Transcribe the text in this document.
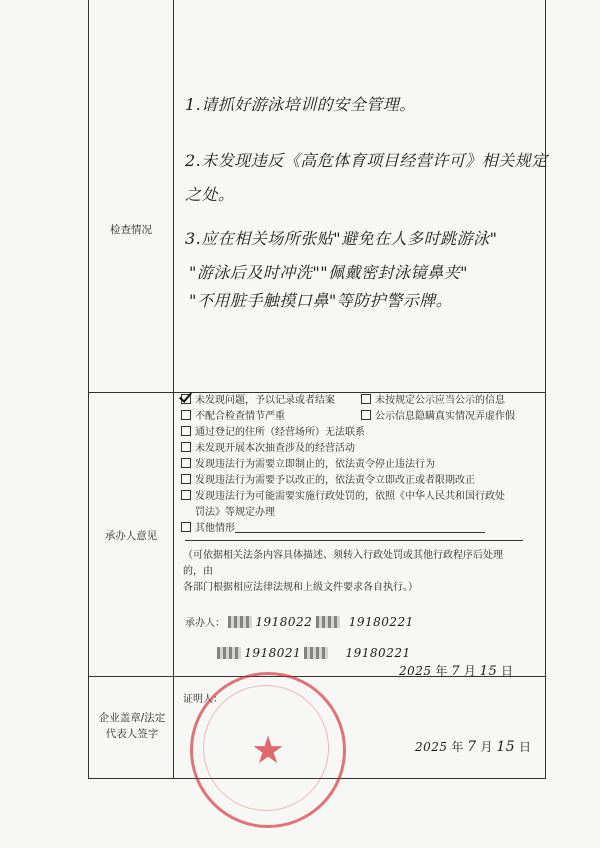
检查情况
1.请抓好游泳培训的安全管理。
2.未发现违反《高危体育项目经营许可》相关规定
之处。
3.应在相关场所张贴"避免在人多时跳游泳"
"游泳后及时冲洗""佩戴密封泳镜鼻夹"
"不用脏手触摸口鼻"等防护警示牌。
承办人意见
未发现问题，予以记录或者结案	未按规定公示应当公示的信息
不配合检查情节严重	公示信息隐瞒真实情况弄虚作假
通过登记的住所（经营场所）无法联系
未发现开展本次抽查涉及的经营活动
发现违法行为需要立即制止的，依法责令停止违法行为
发现违法行为需要予以改正的，依法责令立即改正或者限期改正
发现违法行为可能需要实施行政处罚的，依照《中华人民共和国行政处
罚法》等规定办理
其他情形
（可依据相关法条内容具体描述、须转入行政处罚或其他行政程序后处理
的，由
各部门根据相应法律法规和上级文件要求各自执行。）
承办人：	1918022	19180221
1918021	19180221
2025 年 7 月 15 日
企业盖章/法定代表人签字
证明人：
2025 年 7 月 15 日
★
